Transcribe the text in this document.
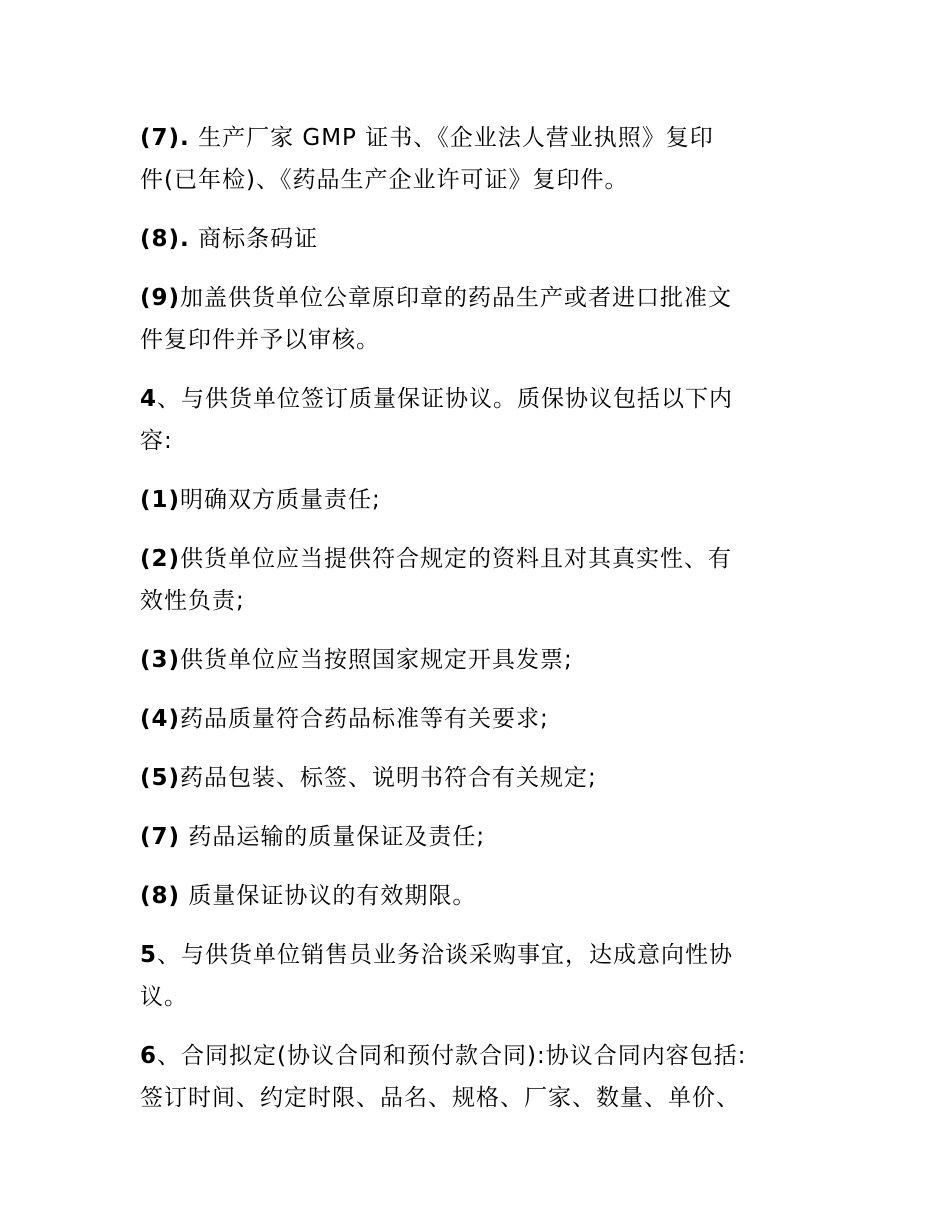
(7). 生产厂家 GMP 证书、《企业法人营业执照》复印
件(已年检)、《药品生产企业许可证》复印件。

(8). 商标条码证

(9)加盖供货单位公章原印章的药品生产或者进口批准文
件复印件并予以审核。

4、与供货单位签订质量保证协议。质保协议包括以下内
容:

(1)明确双方质量责任;

(2)供货单位应当提供符合规定的资料且对其真实性、有
效性负责;

(3)供货单位应当按照国家规定开具发票;

(4)药品质量符合药品标准等有关要求;

(5)药品包装、标签、说明书符合有关规定;

(7) 药品运输的质量保证及责任;

(8) 质量保证协议的有效期限。

5、与供货单位销售员业务洽谈采购事宜，达成意向性协
议。

6、合同拟定(协议合同和预付款合同):协议合同内容包括:
签订时间、约定时限、品名、规格、厂家、数量、单价、
